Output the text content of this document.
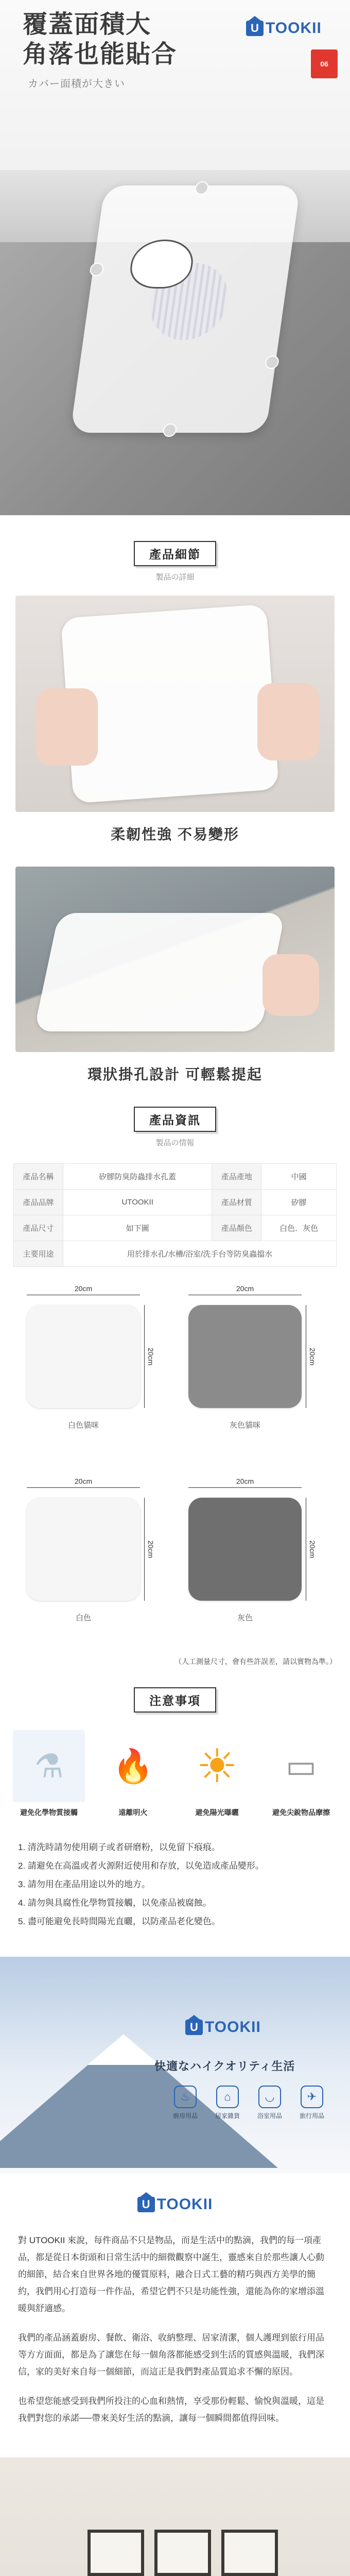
覆蓋面積大
角落也能貼合
カバー面積が大きい
U TOOKII
06
產品細節
製品の詳細
柔韌性強 不易變形
環狀掛孔設計 可輕鬆提起
產品資訊
製品の情報
產品名稱	矽膠防臭防蟲排水孔蓋	產品產地	中國
產品品牌	UTOOKII	產品材質	矽膠
產品尺寸	如下圖	產品顏色	白色．灰色
主要用途	用於排水孔/水槽/浴室/洗手台等防臭蟲擋水		
20cm
20cm
白色貓咪
20cm
20cm
灰色貓咪
20cm
20cm
白色
20cm
20cm
灰色
（人工測量尺寸，會有些許誤差，請以實物為準。）
注意事項
⚗
避免化學物質接觸
🔥
遠離明火
☀
避免陽光曝曬
▭
避免尖銳物品摩擦
1. 清洗時請勿使用刷子或者研磨粉，以免留下痕痕。
2. 請避免在高溫或者火源附近使用和存放，以免造成產品變形。
3. 請勿用在產品用途以外的地方。
4. 請勿與具腐性化學物質接觸，以免產品被腐蝕。
5. 盡可能避免長時間陽光直曬，以防產品老化變色。
U TOOKII
快適なハイクオリティ生活
♨
廚房用品
⌂
居家雜貨
◡
浴室用品
✈
旅行用品
U TOOKII

對 UTOOKII 來說，每件商品不只是物品，而是生活中的點滴，我們的每一項產品，都是從日本街頭和日常生活中的細微觀察中誕生，靈感來自於那些讓人心動的細節，結合來自世界各地的優質原料，融合日式工藝的精巧與西方美學的簡約，我們用心打造每一件作品，希望它們不只是功能性強，還能為你的家增添溫暖與舒適感。

我們的產品涵蓋廚房、餐飲、衛浴、收納整理、居家清潔，個人護理到旅行用品等方方面面，都是為了讓您在每一個角落都能感受到生活的質感與溫暖，我們深信，家的美好來自每一個細節，而這正是我們對產品質追求不懈的原因。

也希望您能感受到我們所投注的心血和熱情，享受那份輕鬆、愉悅與溫暖，這是我們對您的承諾──帶來美好生活的點滴，讓每一個瞬間都值得回味。
